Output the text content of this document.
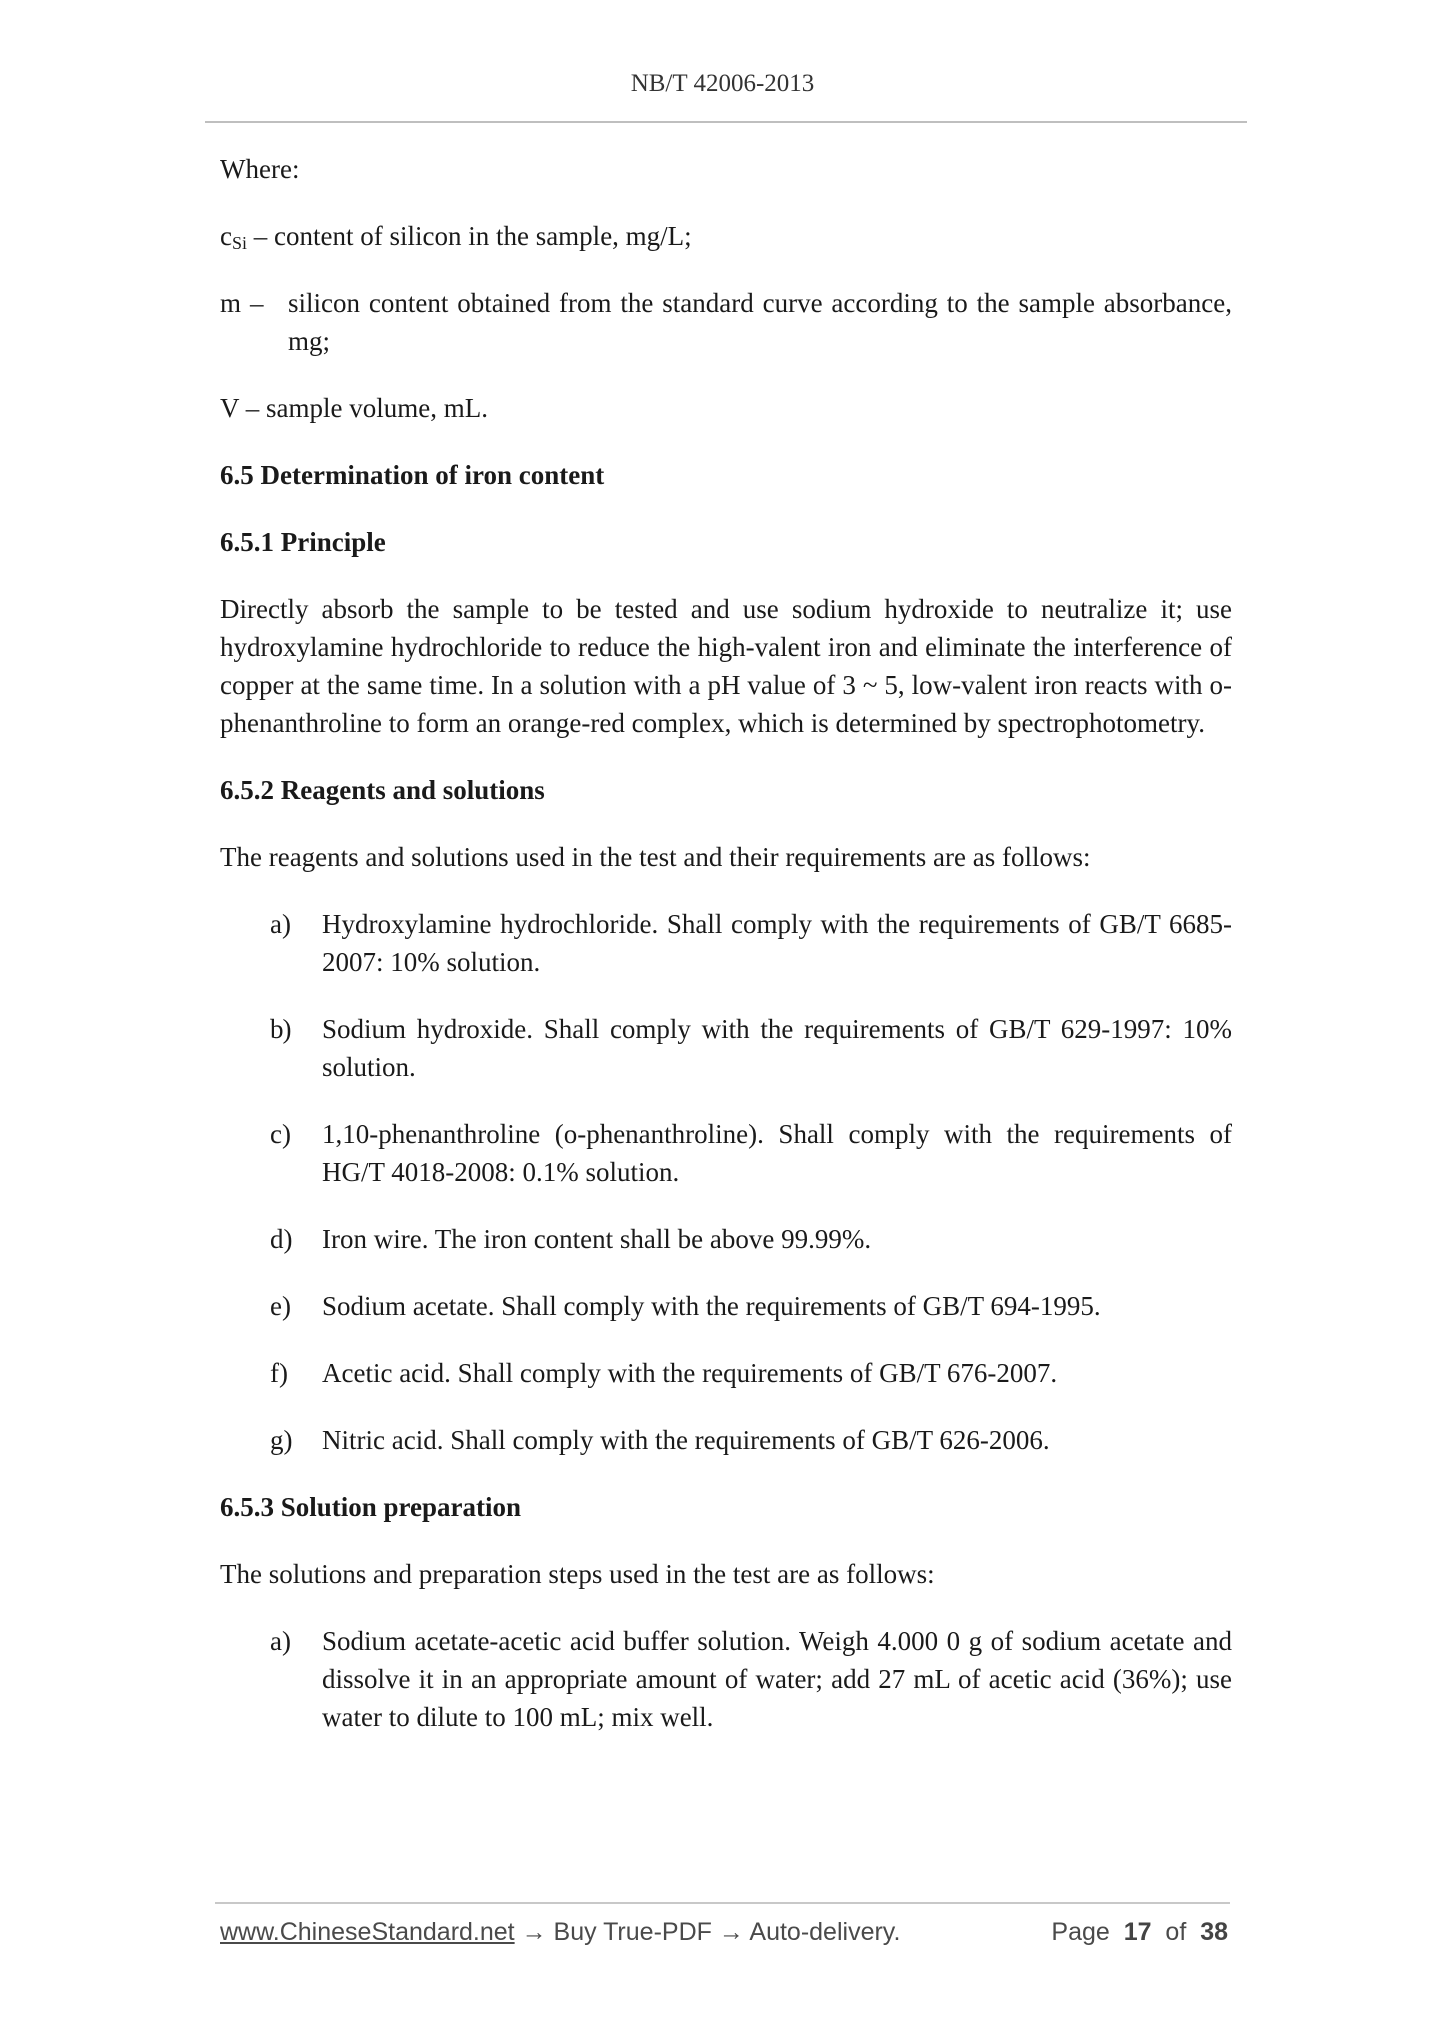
NB/T 42006-2013

Where:

$c_{Si}$ – content of silicon in the sample, mg/L;

m – silicon content obtained from the standard curve according to the sample absorbance, mg;

V – sample volume, mL.

6.5 Determination of iron content

6.5.1 Principle

Directly absorb the sample to be tested and use sodium hydroxide to neutralize it; use hydroxylamine hydrochloride to reduce the high-valent iron and eliminate the interference of copper at the same time. In a solution with a pH value of 3 ~ 5, low-valent iron reacts with o-phenanthroline to form an orange-red complex, which is determined by spectrophotometry.

6.5.2 Reagents and solutions

The reagents and solutions used in the test and their requirements are as follows:

a)	Hydroxylamine hydrochloride. Shall comply with the requirements of GB/T 6685-2007: 10% solution.
b)	Sodium hydroxide. Shall comply with the requirements of GB/T 629-1997: 10% solution.
c)	1,10-phenanthroline (o-phenanthroline). Shall comply with the requirements of HG/T 4018-2008: 0.1% solution.
d)	Iron wire. The iron content shall be above 99.99%.
e)	Sodium acetate. Shall comply with the requirements of GB/T 694-1995.
f)	Acetic acid. Shall comply with the requirements of GB/T 676-2007.
g)	Nitric acid. Shall comply with the requirements of GB/T 626-2006.

6.5.3 Solution preparation

The solutions and preparation steps used in the test are as follows:

a)	Sodium acetate-acetic acid buffer solution. Weigh 4.000 0 g of sodium acetate and dissolve it in an appropriate amount of water; add 27 mL of acetic acid (36%); use water to dilute to 100 mL; mix well.
www.ChineseStandard.net → Buy True-PDF → Auto-delivery.	Page 17 of 38
